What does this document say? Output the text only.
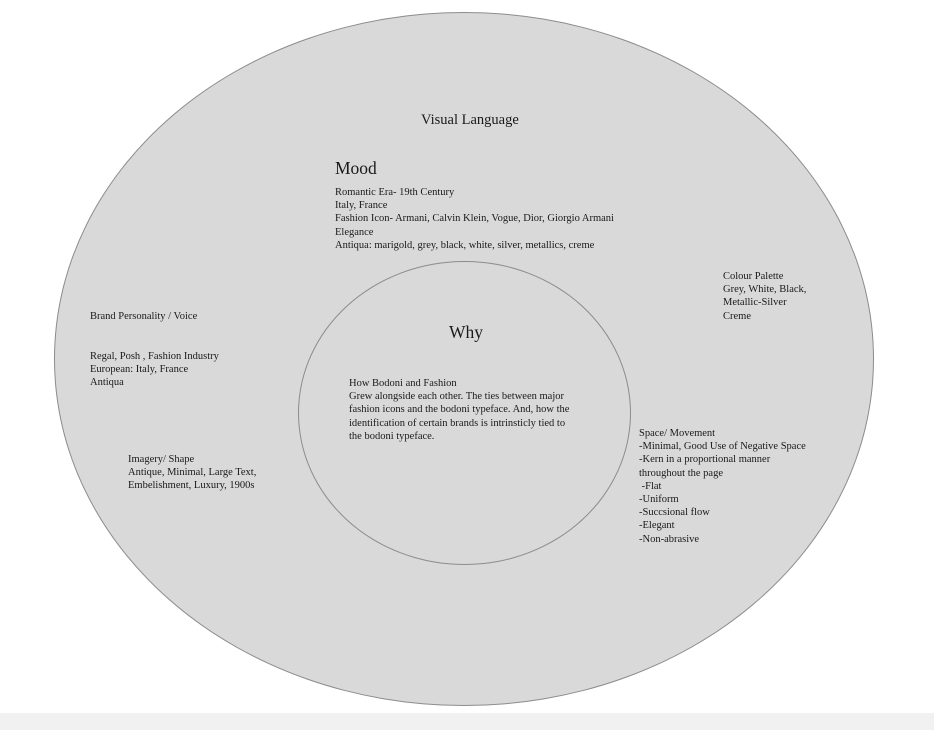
Visual Language
Mood
Romantic Era- 19th Century
Italy, France
Fashion Icon- Armani, Calvin Klein, Vogue, Dior, Giorgio Armani
Elegance
Antiqua: marigold, grey, black, white, silver, metallics, creme
Colour Palette
Grey, White, Black,
Metallic-Silver
Creme
Brand Personality / Voice
Regal, Posh , Fashion Industry
European: Italy, France
Antiqua
Why
How Bodoni and Fashion
Grew alongside each other. The ties between major
fashion icons and the bodoni typeface. And, how the
identification of certain brands is intrinsticly tied to
the bodoni typeface.
Imagery/ Shape
Antique, Minimal, Large Text,
Embelishment, Luxury, 1900s
Space/ Movement
-Minimal, Good Use of Negative Space
-Kern in a proportional manner
throughout the page
-Flat
-Uniform
-Succsional flow
-Elegant
-Non-abrasive
